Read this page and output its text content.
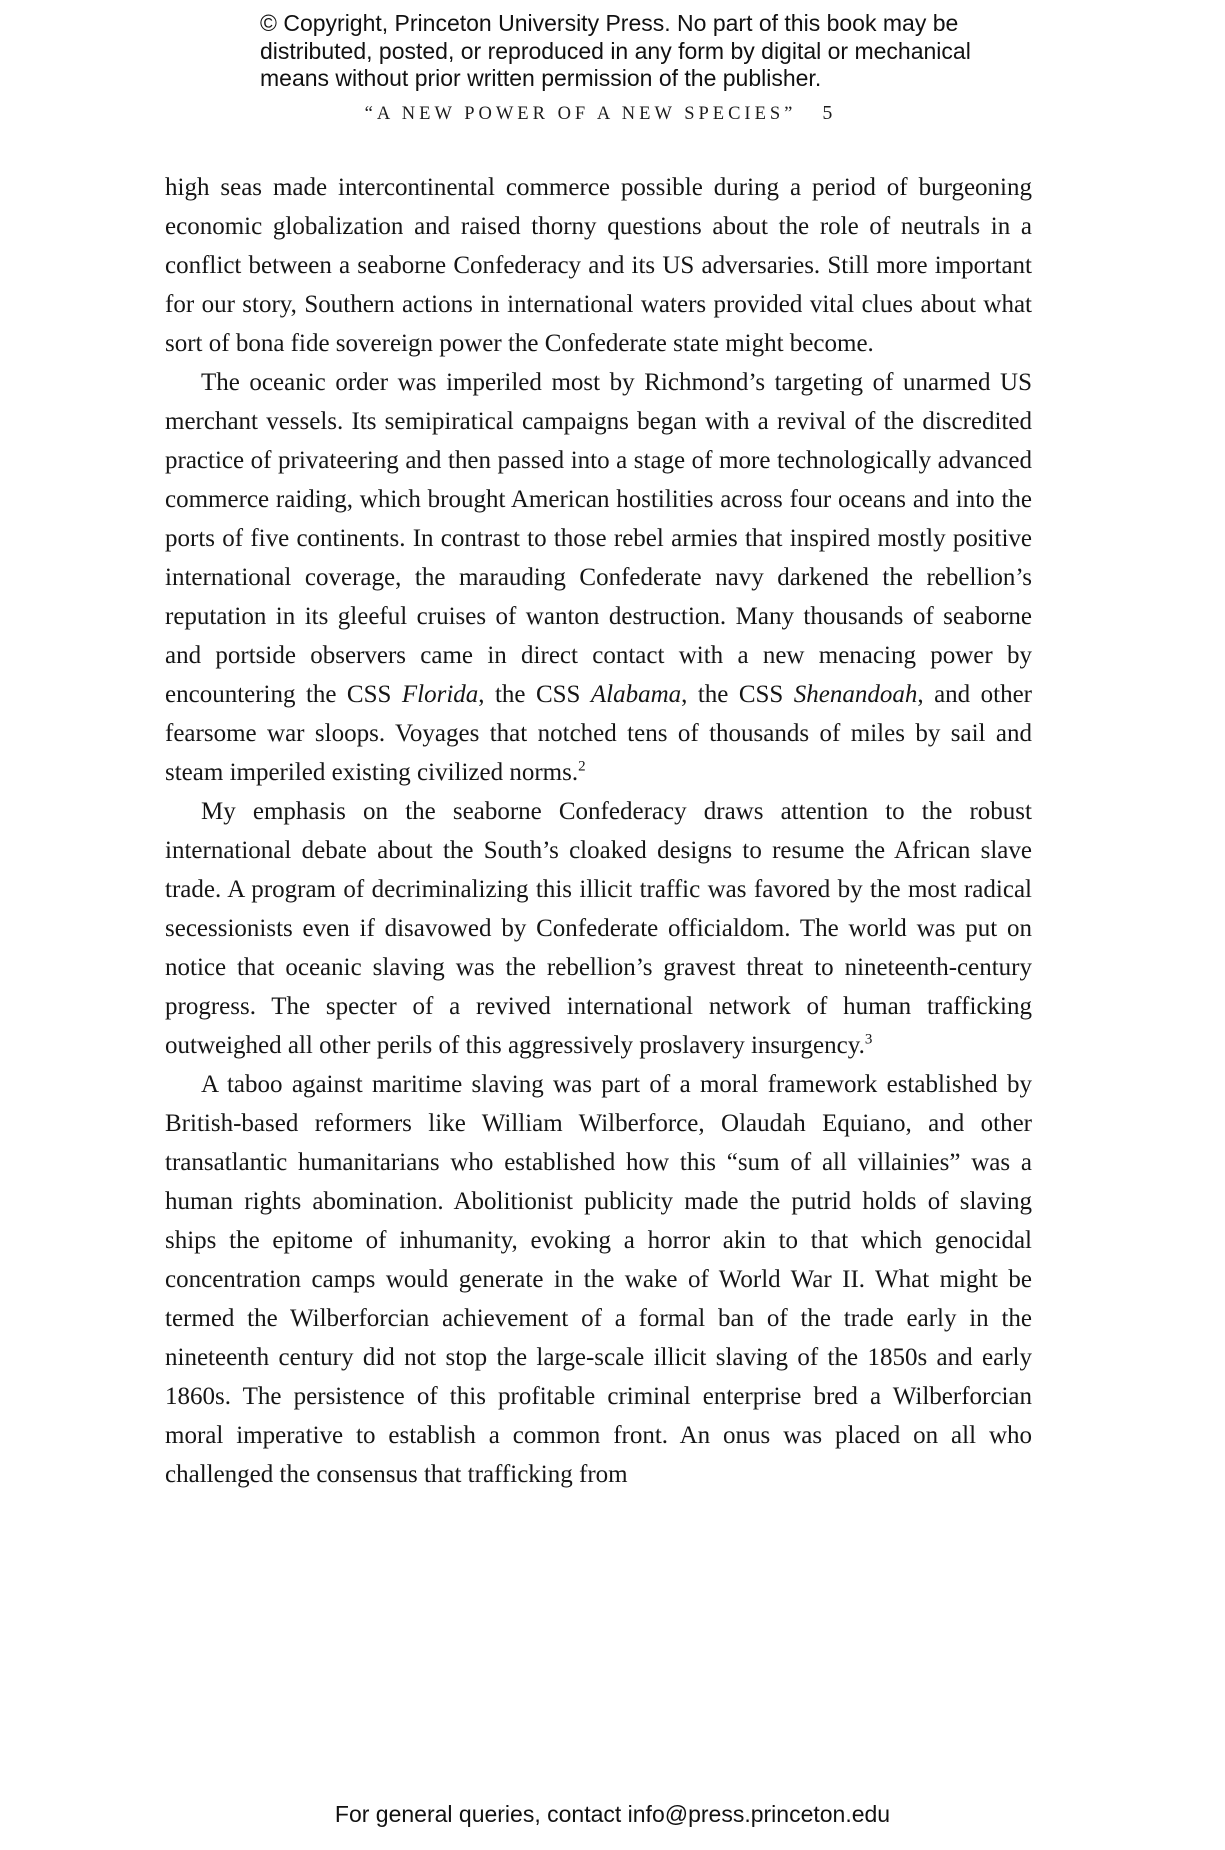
© Copyright, Princeton University Press. No part of this book may be
distributed, posted, or reproduced in any form by digital or mechanical
means without prior written permission of the publisher.
“A NEW POWER OF A NEW SPECIES” 5

high seas made intercontinental commerce possible during a period of burgeoning economic globalization and raised thorny questions about the role of neutrals in a conflict between a seaborne Confederacy and its US adversaries. Still more important for our story, Southern actions in international waters provided vital clues about what sort of bona fide sovereign power the Confederate state might become.

The oceanic order was imperiled most by Richmond’s targeting of unarmed US merchant vessels. Its semipiratical campaigns began with a revival of the discredited practice of privateering and then passed into a stage of more technologically advanced commerce raiding, which brought American hostilities across four oceans and into the ports of five continents. In contrast to those rebel armies that inspired mostly positive international coverage, the marauding Confederate navy darkened the rebellion’s reputation in its gleeful cruises of wanton destruction. Many thousands of seaborne and portside observers came in direct contact with a new menacing power by encountering the CSS Florida, the CSS Alabama, the CSS Shenandoah, and other fearsome war sloops. Voyages that notched tens of thousands of miles by sail and steam imperiled existing civilized norms.$^2$

My emphasis on the seaborne Confederacy draws attention to the robust international debate about the South’s cloaked designs to resume the African slave trade. A program of decriminalizing this illicit traffic was favored by the most radical secessionists even if disavowed by Confederate officialdom. The world was put on notice that oceanic slaving was the rebellion’s gravest threat to nineteenth-century progress. The specter of a revived international network of human trafficking outweighed all other perils of this aggressively proslavery insurgency.$^3$

A taboo against maritime slaving was part of a moral framework established by British-based reformers like William Wilberforce, Olaudah Equiano, and other transatlantic humanitarians who established how this “sum of all villainies” was a human rights abomination. Abolitionist publicity made the putrid holds of slaving ships the epitome of inhumanity, evoking a horror akin to that which genocidal concentration camps would generate in the wake of World War II. What might be termed the Wilberforcian achievement of a formal ban of the trade early in the nineteenth century did not stop the large-scale illicit slaving of the 1850s and early 1860s. The persistence of this profitable criminal enterprise bred a Wilberforcian moral imperative to establish a common front. An onus was placed on all who challenged the consensus that trafficking from

For general queries, contact info@press.princeton.edu
